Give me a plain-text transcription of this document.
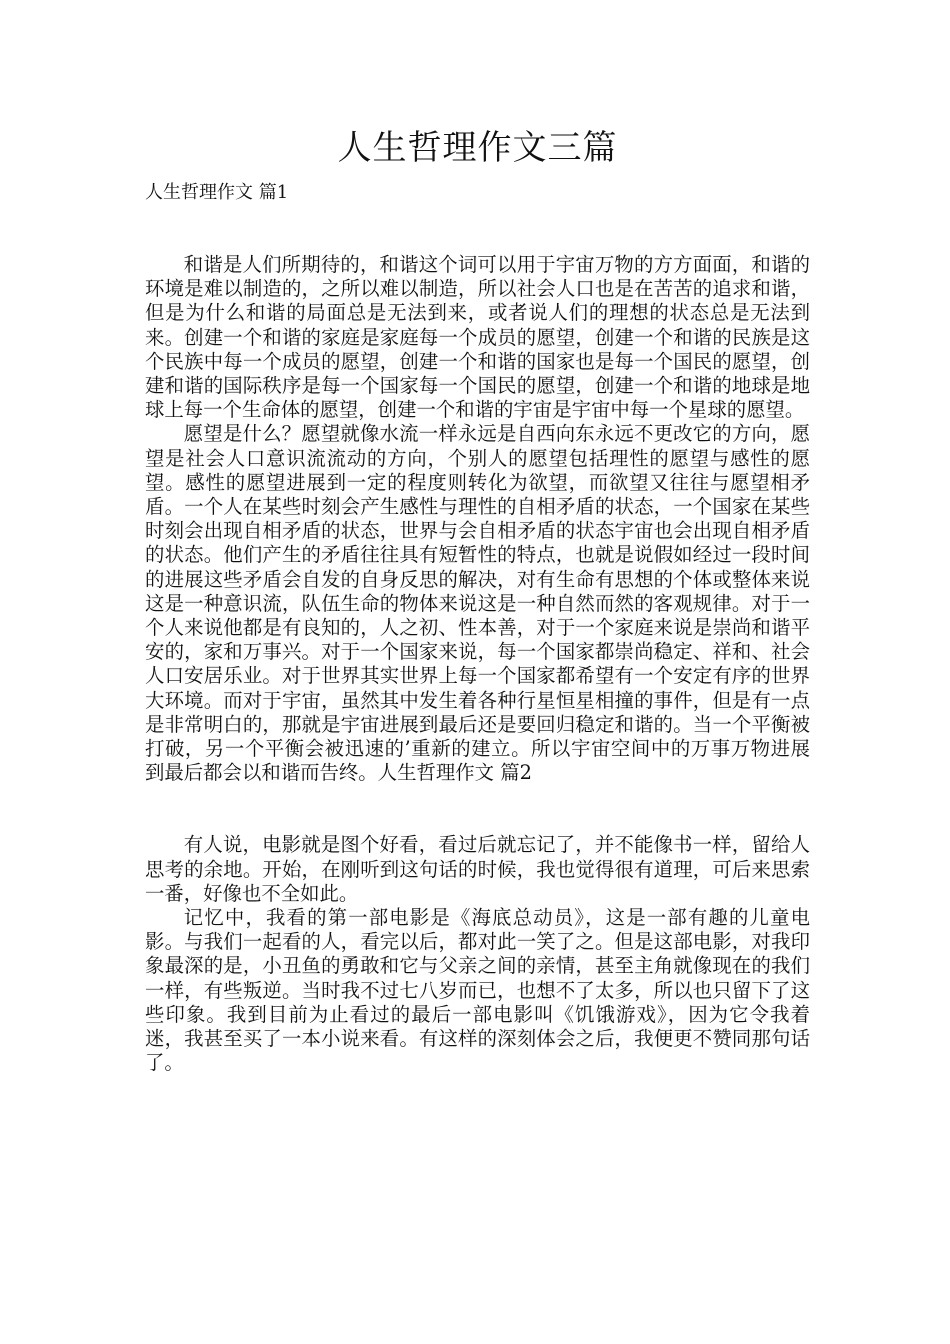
人生哲理作文三篇
人生哲理作文 篇1

和谐是人们所期待的，和谐这个词可以用于宇宙万物的方方面面，和谐的环境是难以制造的，之所以难以制造，所以社会人口也是在苦苦的追求和谐，但是为什么和谐的局面总是无法到来，或者说人们的理想的状态总是无法到来。创建一个和谐的家庭是家庭每一个成员的愿望，创建一个和谐的民族是这个民族中每一个成员的愿望，创建一个和谐的国家也是每一个国民的愿望，创建和谐的国际秩序是每一个国家每一个国民的愿望，创建一个和谐的地球是地球上每一个生命体的愿望，创建一个和谐的宇宙是宇宙中每一个星球的愿望。

愿望是什么？愿望就像水流一样永远是自西向东永远不更改它的方向，愿望是社会人口意识流流动的方向，个别人的愿望包括理性的愿望与感性的愿望。感性的愿望进展到一定的程度则转化为欲望，而欲望又往往与愿望相矛盾。一个人在某些时刻会产生感性与理性的自相矛盾的状态，一个国家在某些时刻会出现自相矛盾的状态，世界与会自相矛盾的状态宇宙也会出现自相矛盾的状态。他们产生的矛盾往往具有短暂性的特点，也就是说假如经过一段时间的进展这些矛盾会自发的自身反思的解决，对有生命有思想的个体或整体来说这是一种意识流，队伍生命的物体来说这是一种自然而然的客观规律。对于一个人来说他都是有良知的，人之初、性本善，对于一个家庭来说是崇尚和谐平安的，家和万事兴。对于一个国家来说，每一个国家都崇尚稳定、祥和、社会人口安居乐业。对于世界其实世界上每一个国家都希望有一个安定有序的世界大环境。而对于宇宙，虽然其中发生着各种行星恒星相撞的事件，但是有一点是非常明白的，那就是宇宙进展到最后还是要回归稳定和谐的。当一个平衡被打破，另一个平衡会被迅速的’重新的建立。所以宇宙空间中的万事万物进展到最后都会以和谐而告终。人生哲理作文 篇2

有人说，电影就是图个好看，看过后就忘记了，并不能像书一样，留给人思考的余地。开始，在刚听到这句话的时候，我也觉得很有道理，可后来思索一番，好像也不全如此。

记忆中，我看的第一部电影是《海底总动员》，这是一部有趣的儿童电影。与我们一起看的人，看完以后，都对此一笑了之。但是这部电影，对我印象最深的是，小丑鱼的勇敢和它与父亲之间的亲情，甚至主角就像现在的我们一样，有些叛逆。当时我不过七八岁而已，也想不了太多，所以也只留下了这些印象。我到目前为止看过的最后一部电影叫《饥饿游戏》，因为它令我着迷，我甚至买了一本小说来看。有这样的深刻体会之后，我便更不赞同那句话了。
